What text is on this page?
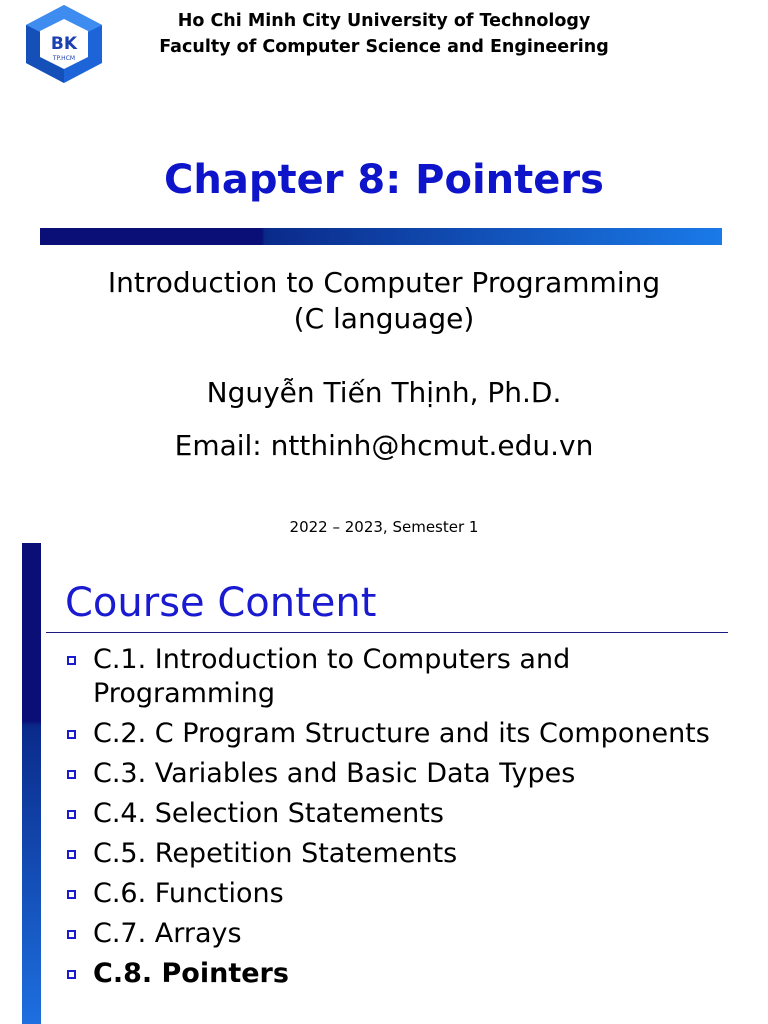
BK
TP.HCM
Ho Chi Minh City University of Technology
Faculty of Computer Science and Engineering
Chapter 8: Pointers
Introduction to Computer Programming
(C language)
Nguyễn Tiến Thịnh, Ph.D.
Email: ntthinh@hcmut.edu.vn
2022 – 2023, Semester 1
Course Content
C.1. Introduction to Computers and Programming
C.2. C Program Structure and its Components
C.3. Variables and Basic Data Types
C.4. Selection Statements
C.5. Repetition Statements
C.6. Functions
C.7. Arrays
C.8. Pointers
